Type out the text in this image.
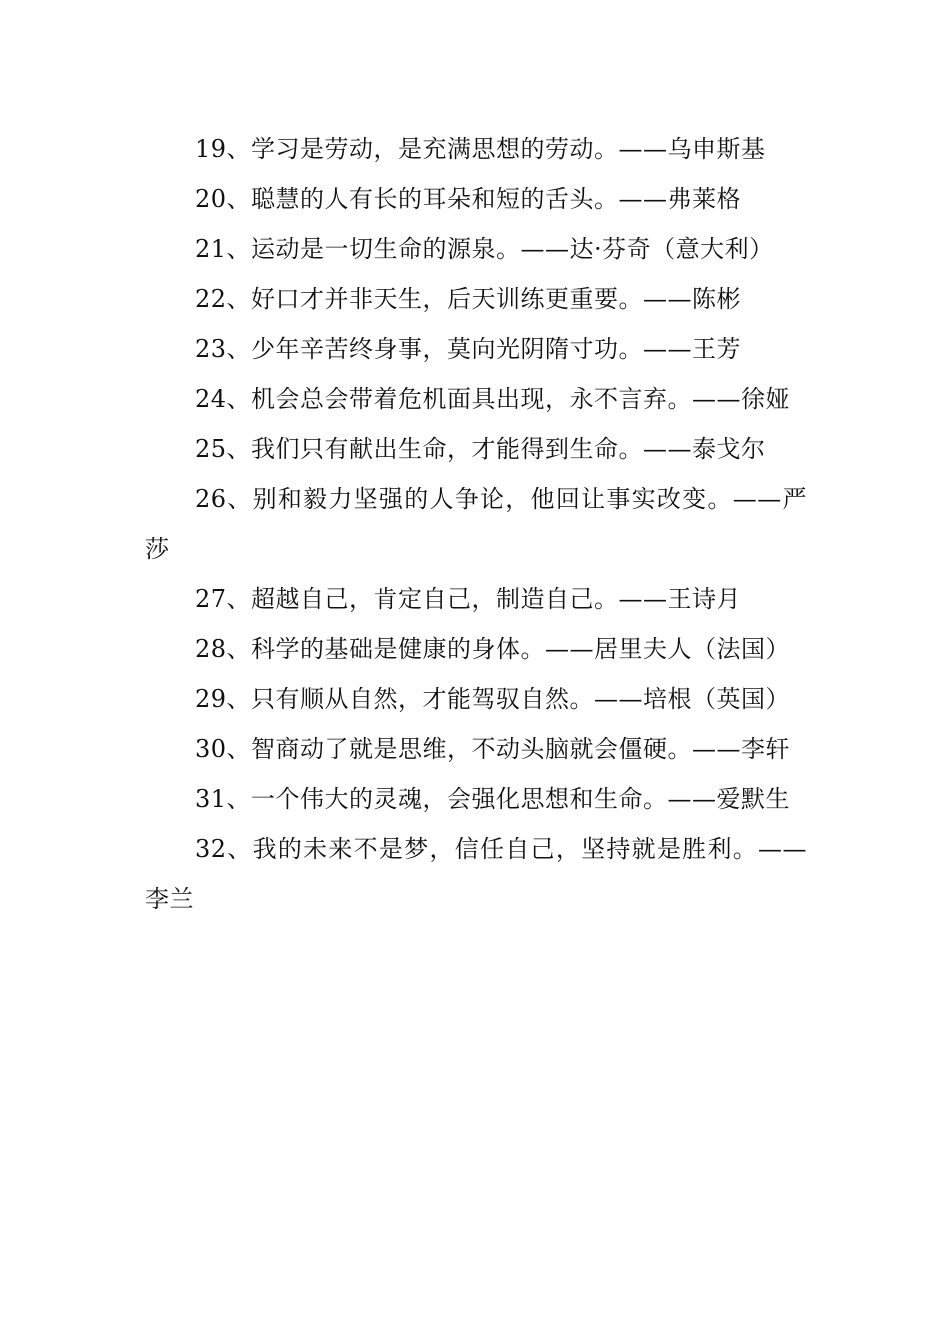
19、学习是劳动，是充满思想的劳动。——乌申斯基

20、聪慧的人有长的耳朵和短的舌头。——弗莱格

21、运动是一切生命的源泉。——达·芬奇（意大利）

22、好口才并非天生，后天训练更重要。——陈彬

23、少年辛苦终身事，莫向光阴隋寸功。——王芳

24、机会总会带着危机面具出现，永不言弃。——徐娅

25、我们只有献出生命，才能得到生命。——泰戈尔

26、别和毅力坚强的人争论，他回让事实改变。——严莎

27、超越自己，肯定自己，制造自己。——王诗月

28、科学的基础是健康的身体。——居里夫人（法国）

29、只有顺从自然，才能驾驭自然。——培根（英国）

30、智商动了就是思维，不动头脑就会僵硬。——李轩

31、一个伟大的灵魂，会强化思想和生命。——爱默生

32、我的未来不是梦，信任自己，坚持就是胜利。——李兰
